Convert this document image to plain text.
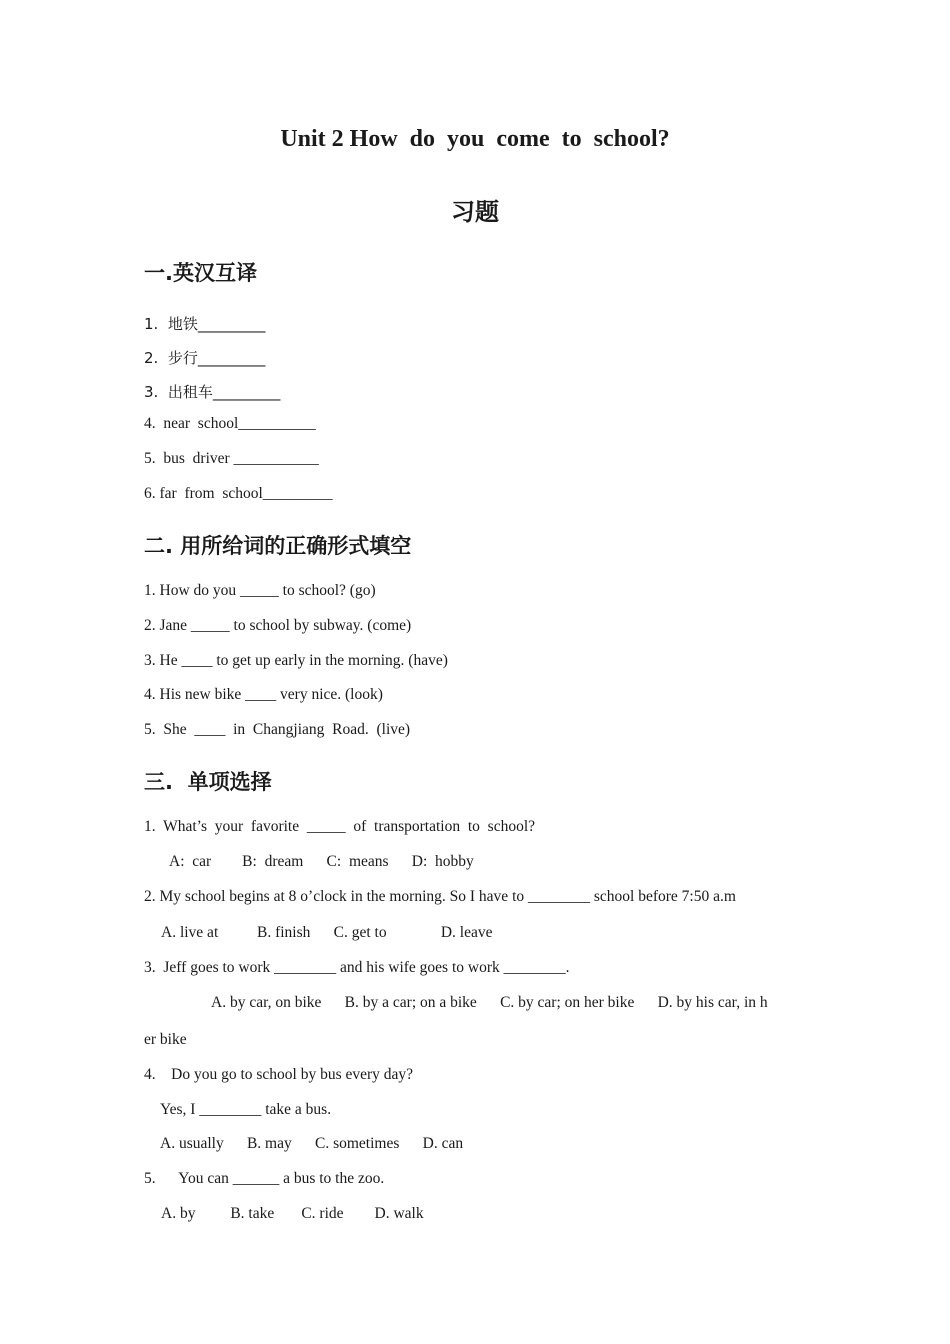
Unit 2 How  do  you  come  to  school?
习题
一.英汉互译
1.  地铁_________
2.  步行_________
3.  出租车_________
4.  near  school__________
5.  bus  driver ___________
6. far  from  school_________
二. 用所给词的正确形式填空
1. How do you _____ to school? (go)
2. Jane _____ to school by subway. (come)
3. He ____ to get up early in the morning. (have)
4. His new bike ____ very nice. (look)
5.  She  ____  in  Changjiang  Road.  (live)
三.  单项选择
1.  What’s  your  favorite  _____  of  transportation  to  school?
A:  car        B:  dream      C:  means      D:  hobby
2. My school begins at 8 o’clock in the morning. So I have to ________ school before 7:50 a.m
A. live at          B. finish      C. get to              D. leave
3.  Jeff goes to work ________ and his wife goes to work ________.
A. by car, on bike      B. by a car; on a bike      C. by car; on her bike      D. by his car, in h
er bike
4.    Do you go to school by bus every day?
Yes, I ________ take a bus.
A. usually      B. may      C. sometimes      D. can
5.      You can ______ a bus to the zoo.
A. by         B. take       C. ride        D. walk
